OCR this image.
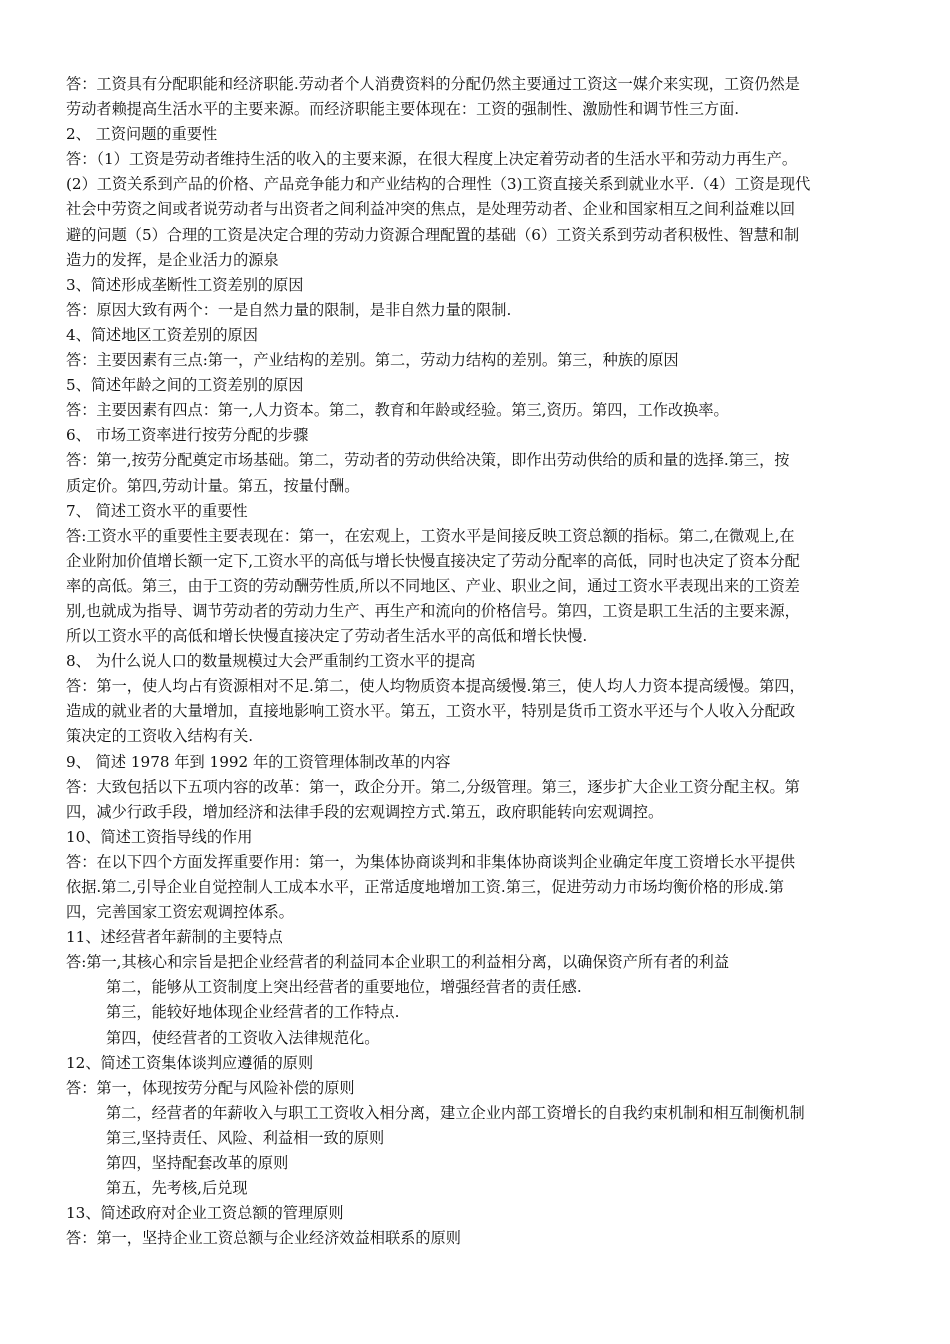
答：工资具有分配职能和经济职能.劳动者个人消费资料的分配仍然主要通过工资这一媒介来实现，工资仍然是
劳动者赖提高生活水平的主要来源。而经济职能主要体现在：工资的强制性、激励性和调节性三方面.
2、 工资问题的重要性
答：（1）工资是劳动者维持生活的收入的主要来源，在很大程度上决定着劳动者的生活水平和劳动力再生产。
(2）工资关系到产品的价格、产品竞争能力和产业结构的合理性（3)工资直接关系到就业水平.（4）工资是现代
社会中劳资之间或者说劳动者与出资者之间利益冲突的焦点，是处理劳动者、企业和国家相互之间利益难以回
避的问题（5）合理的工资是决定合理的劳动力资源合理配置的基础（6）工资关系到劳动者积极性、智慧和制
造力的发挥，是企业活力的源泉
3、简述形成垄断性工资差别的原因
答：原因大致有两个：一是自然力量的限制，是非自然力量的限制.
4、简述地区工资差别的原因
答：主要因素有三点:第一，产业结构的差别。第二，劳动力结构的差别。第三，种族的原因
5、简述年龄之间的工资差别的原因
答：主要因素有四点：第一,人力资本。第二，教育和年龄或经验。第三,资历。第四，工作改换率。
6、 市场工资率进行按劳分配的步骤
答：第一,按劳分配奠定市场基础。第二，劳动者的劳动供给决策，即作出劳动供给的质和量的选择.第三，按
质定价。第四,劳动计量。第五，按量付酬。
7、 简述工资水平的重要性
答:工资水平的重要性主要表现在：第一，在宏观上，工资水平是间接反映工资总额的指标。第二,在微观上,在
企业附加价值增长额一定下,工资水平的高低与增长快慢直接决定了劳动分配率的高低，同时也决定了资本分配
率的高低。第三，由于工资的劳动酬劳性质,所以不同地区、产业、职业之间，通过工资水平表现出来的工资差
别,也就成为指导、调节劳动者的劳动力生产、再生产和流向的价格信号。第四，工资是职工生活的主要来源，
所以工资水平的高低和增长快慢直接决定了劳动者生活水平的高低和增长快慢.
8、 为什么说人口的数量规模过大会严重制约工资水平的提高
答：第一，使人均占有资源相对不足.第二，使人均物质资本提高缓慢.第三，使人均人力资本提高缓慢。第四，
造成的就业者的大量增加，直接地影响工资水平。第五，工资水平，特别是货币工资水平还与个人收入分配政
策决定的工资收入结构有关.
9、 简述 1978 年到 1992 年的工资管理体制改革的内容
答：大致包括以下五项内容的改革：第一，政企分开。第二,分级管理。第三，逐步扩大企业工资分配主权。第
四，减少行政手段，增加经济和法律手段的宏观调控方式.第五，政府职能转向宏观调控。
10、简述工资指导线的作用
答：在以下四个方面发挥重要作用：第一，为集体协商谈判和非集体协商谈判企业确定年度工资增长水平提供
依据.第二,引导企业自觉控制人工成本水平，正常适度地增加工资.第三，促进劳动力市场均衡价格的形成.第
四，完善国家工资宏观调控体系。
11、述经营者年薪制的主要特点
答:第一,其核心和宗旨是把企业经营者的利益同本企业职工的利益相分离，以确保资产所有者的利益
第二，能够从工资制度上突出经营者的重要地位，增强经营者的责任感.
第三，能较好地体现企业经营者的工作特点.
第四，使经营者的工资收入法律规范化。
12、简述工资集体谈判应遵循的原则
答：第一，体现按劳分配与风险补偿的原则
第二，经营者的年薪收入与职工工资收入相分离，建立企业内部工资增长的自我约束机制和相互制衡机制
第三,坚持责任、风险、利益相一致的原则
第四，坚持配套改革的原则
第五，先考核,后兑现
13、简述政府对企业工资总额的管理原则
答：第一，坚持企业工资总额与企业经济效益相联系的原则
